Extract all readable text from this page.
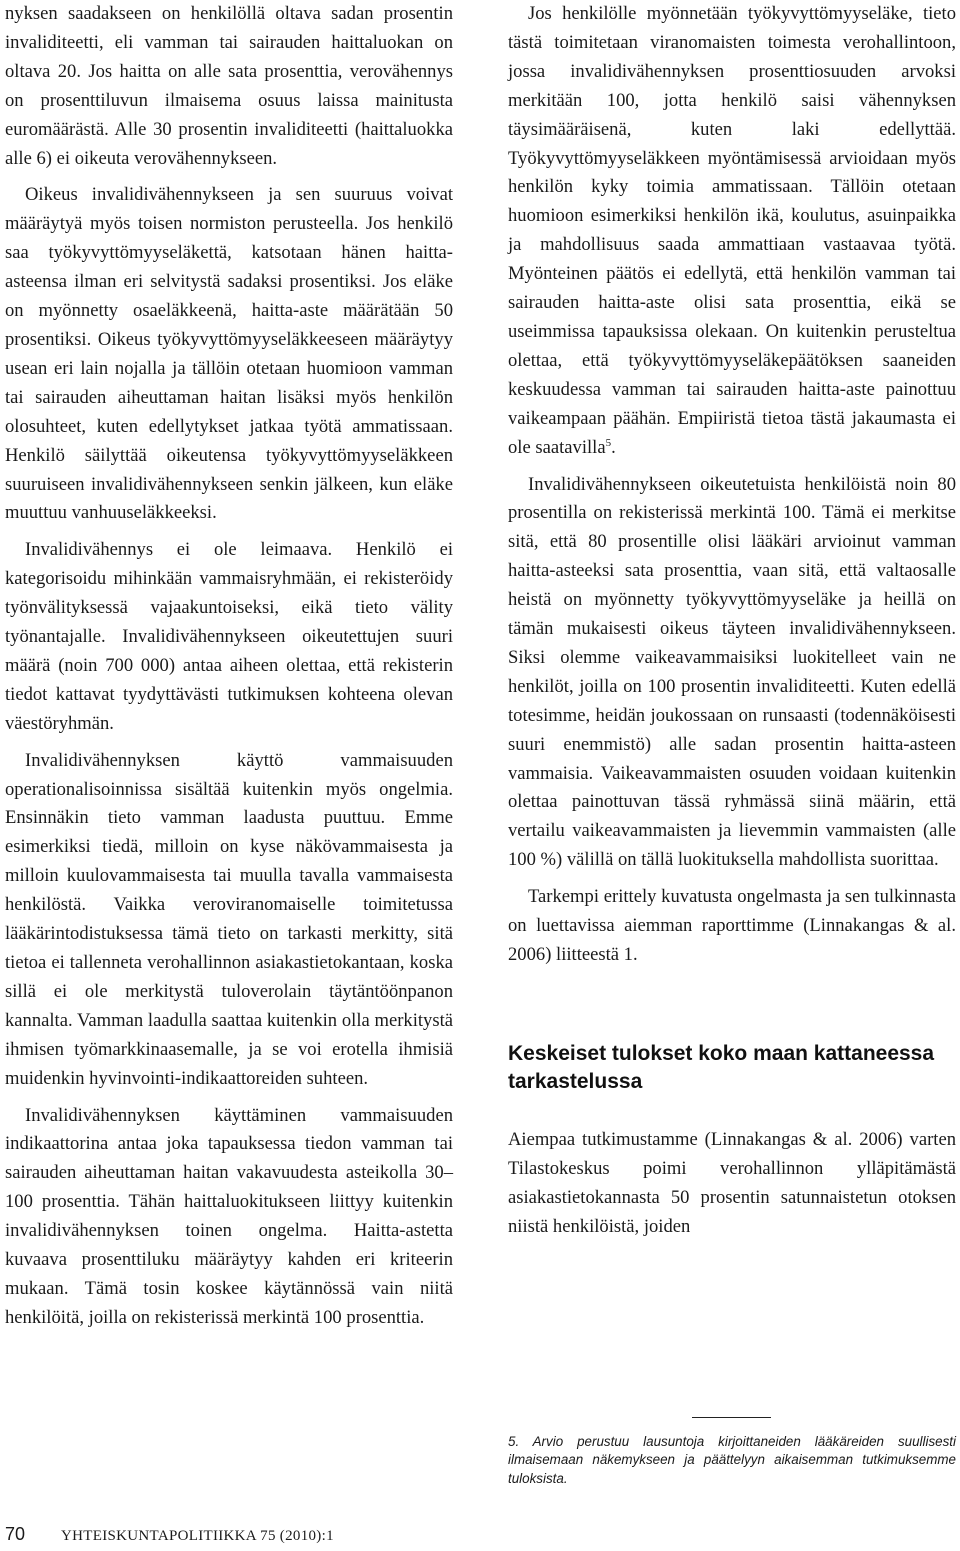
nyksen saadakseen on henkilöllä oltava sadan prosentin invaliditeetti, eli vamman tai sairauden haittaluokan on oltava 20. Jos haitta on alle sata prosenttia, verovähennys on prosenttiluvun ilmaisema osuus laissa mainitusta euromäärästä. Alle 30 prosentin invaliditeetti (haittaluokka alle 6) ei oikeuta verovähennykseen.

Oikeus invalidivähennykseen ja sen suuruus voivat määräytyä myös toisen normiston perusteella. Jos henkilö saa työkyvyttömyyseläkettä, katsotaan hänen haitta-asteensa ilman eri selvitystä sadaksi prosentiksi. Jos eläke on myönnetty osaeläkkeenä, haitta-aste määrätään 50 prosentiksi. Oikeus työkyvyttömyyseläkkeeseen määräytyy usean eri lain nojalla ja tällöin otetaan huomioon vamman tai sairauden aiheuttaman haitan lisäksi myös henkilön olosuhteet, kuten edellytykset jatkaa työtä ammatissaan. Henkilö säilyttää oikeutensa työkyvyttömyyseläkkeen suuruiseen invalidivähennykseen senkin jälkeen, kun eläke muuttuu vanhuuseläkkeeksi.

Invalidivähennys ei ole leimaava. Henkilö ei kategorisoidu mihinkään vammaisryhmään, ei rekisteröidy työnvälityksessä vajaakuntoiseksi, eikä tieto välity työnantajalle. Invalidivähennykseen oikeutettujen suuri määrä (noin 700 000) antaa aiheen olettaa, että rekisterin tiedot kattavat tyydyttävästi tutkimuksen kohteena olevan väestöryhmän.

Invalidivähennyksen käyttö vammaisuuden operationalisoinnissa sisältää kuitenkin myös ongelmia. Ensinnäkin tieto vamman laadusta puuttuu. Emme esimerkiksi tiedä, milloin on kyse näkövammaisesta ja milloin kuulovammaisesta tai muulla tavalla vammaisesta henkilöstä. Vaikka veroviranomaiselle toimitetussa lääkärintodistuksessa tämä tieto on tarkasti merkitty, sitä tietoa ei tallenneta verohallinnon asiakastietokantaan, koska sillä ei ole merkitystä tuloverolain täytäntöönpanon kannalta. Vamman laadulla saattaa kuitenkin olla merkitystä ihmisen työmarkkinaasemalle, ja se voi erotella ihmisiä muidenkin hyvinvointi-indikaattoreiden suhteen.

Invalidivähennyksen käyttäminen vammaisuuden indikaattorina antaa joka tapauksessa tiedon vamman tai sairauden aiheuttaman haitan vakavuudesta asteikolla 30–100 prosenttia. Tähän haittaluokitukseen liittyy kuitenkin invalidivähennyksen toinen ongelma. Haitta-astetta kuvaava prosenttiluku määräytyy kahden eri kriteerin mukaan. Tämä tosin koskee käytännössä vain niitä henkilöitä, joilla on rekisterissä merkintä 100 prosenttia.

Jos henkilölle myönnetään työkyvyttömyyseläke, tieto tästä toimitetaan viranomaisten toimesta verohallintoon, jossa invalidivähennyksen prosenttiosuuden arvoksi merkitään 100, jotta henkilö saisi vähennyksen täysimääräisenä, kuten laki edellyttää. Työkyvyttömyyseläkkeen myöntämisessä arvioidaan myös henkilön kyky toimia ammatissaan. Tällöin otetaan huomioon esimerkiksi henkilön ikä, koulutus, asuinpaikka ja mahdollisuus saada ammattiaan vastaavaa työtä. Myönteinen päätös ei edellytä, että henkilön vamman tai sairauden haitta-aste olisi sata prosenttia, eikä se useimmissa tapauksissa olekaan. On kuitenkin perusteltua olettaa, että työkyvyttömyyseläkepäätöksen saaneiden keskuudessa vamman tai sairauden haitta-aste painottuu vaikeampaan päähän. Empiiristä tietoa tästä jakaumasta ei ole saatavilla$^5$.

Invalidivähennykseen oikeutetuista henkilöistä noin 80 prosentilla on rekisterissä merkintä 100. Tämä ei merkitse sitä, että 80 prosentille olisi lääkäri arvioinut vamman haitta-asteeksi sata prosenttia, vaan sitä, että valtaosalle heistä on myönnetty työkyvyttömyyseläke ja heillä on tämän mukaisesti oikeus täyteen invalidivähennykseen. Siksi olemme vaikeavammaisiksi luokitelleet vain ne henkilöt, joilla on 100 prosentin invaliditeetti. Kuten edellä totesimme, heidän joukossaan on runsaasti (todennäköisesti suuri enemmistö) alle sadan prosentin haitta-asteen vammaisia. Vaikeavammaisten osuuden voidaan kuitenkin olettaa painottuvan tässä ryhmässä siinä määrin, että vertailu vaikeavammaisten ja lievemmin vammaisten (alle 100 %) välillä on tällä luokituksella mahdollista suorittaa.

Tarkempi erittely kuvatusta ongelmasta ja sen tulkinnasta on luettavissa aiemman raporttimme (Linnakangas & al. 2006) liitteestä 1.

Keskeiset tulokset koko maan kattaneessa tarkastelussa

Aiempaa tutkimustamme (Linnakangas & al. 2006) varten Tilastokeskus poimi verohallinnon ylläpitämästä asiakastietokannasta 50 prosentin satunnaistetun otoksen niistä henkilöistä, joiden

5. Arvio perustuu lausuntoja kirjoittaneiden lääkäreiden suullisesti ilmaisemaan näkemykseen ja päättelyyn aikaisemman tutkimuksemme tuloksista.
70 YHTEISKUNTAPOLITIIKKA 75 (2010):1
